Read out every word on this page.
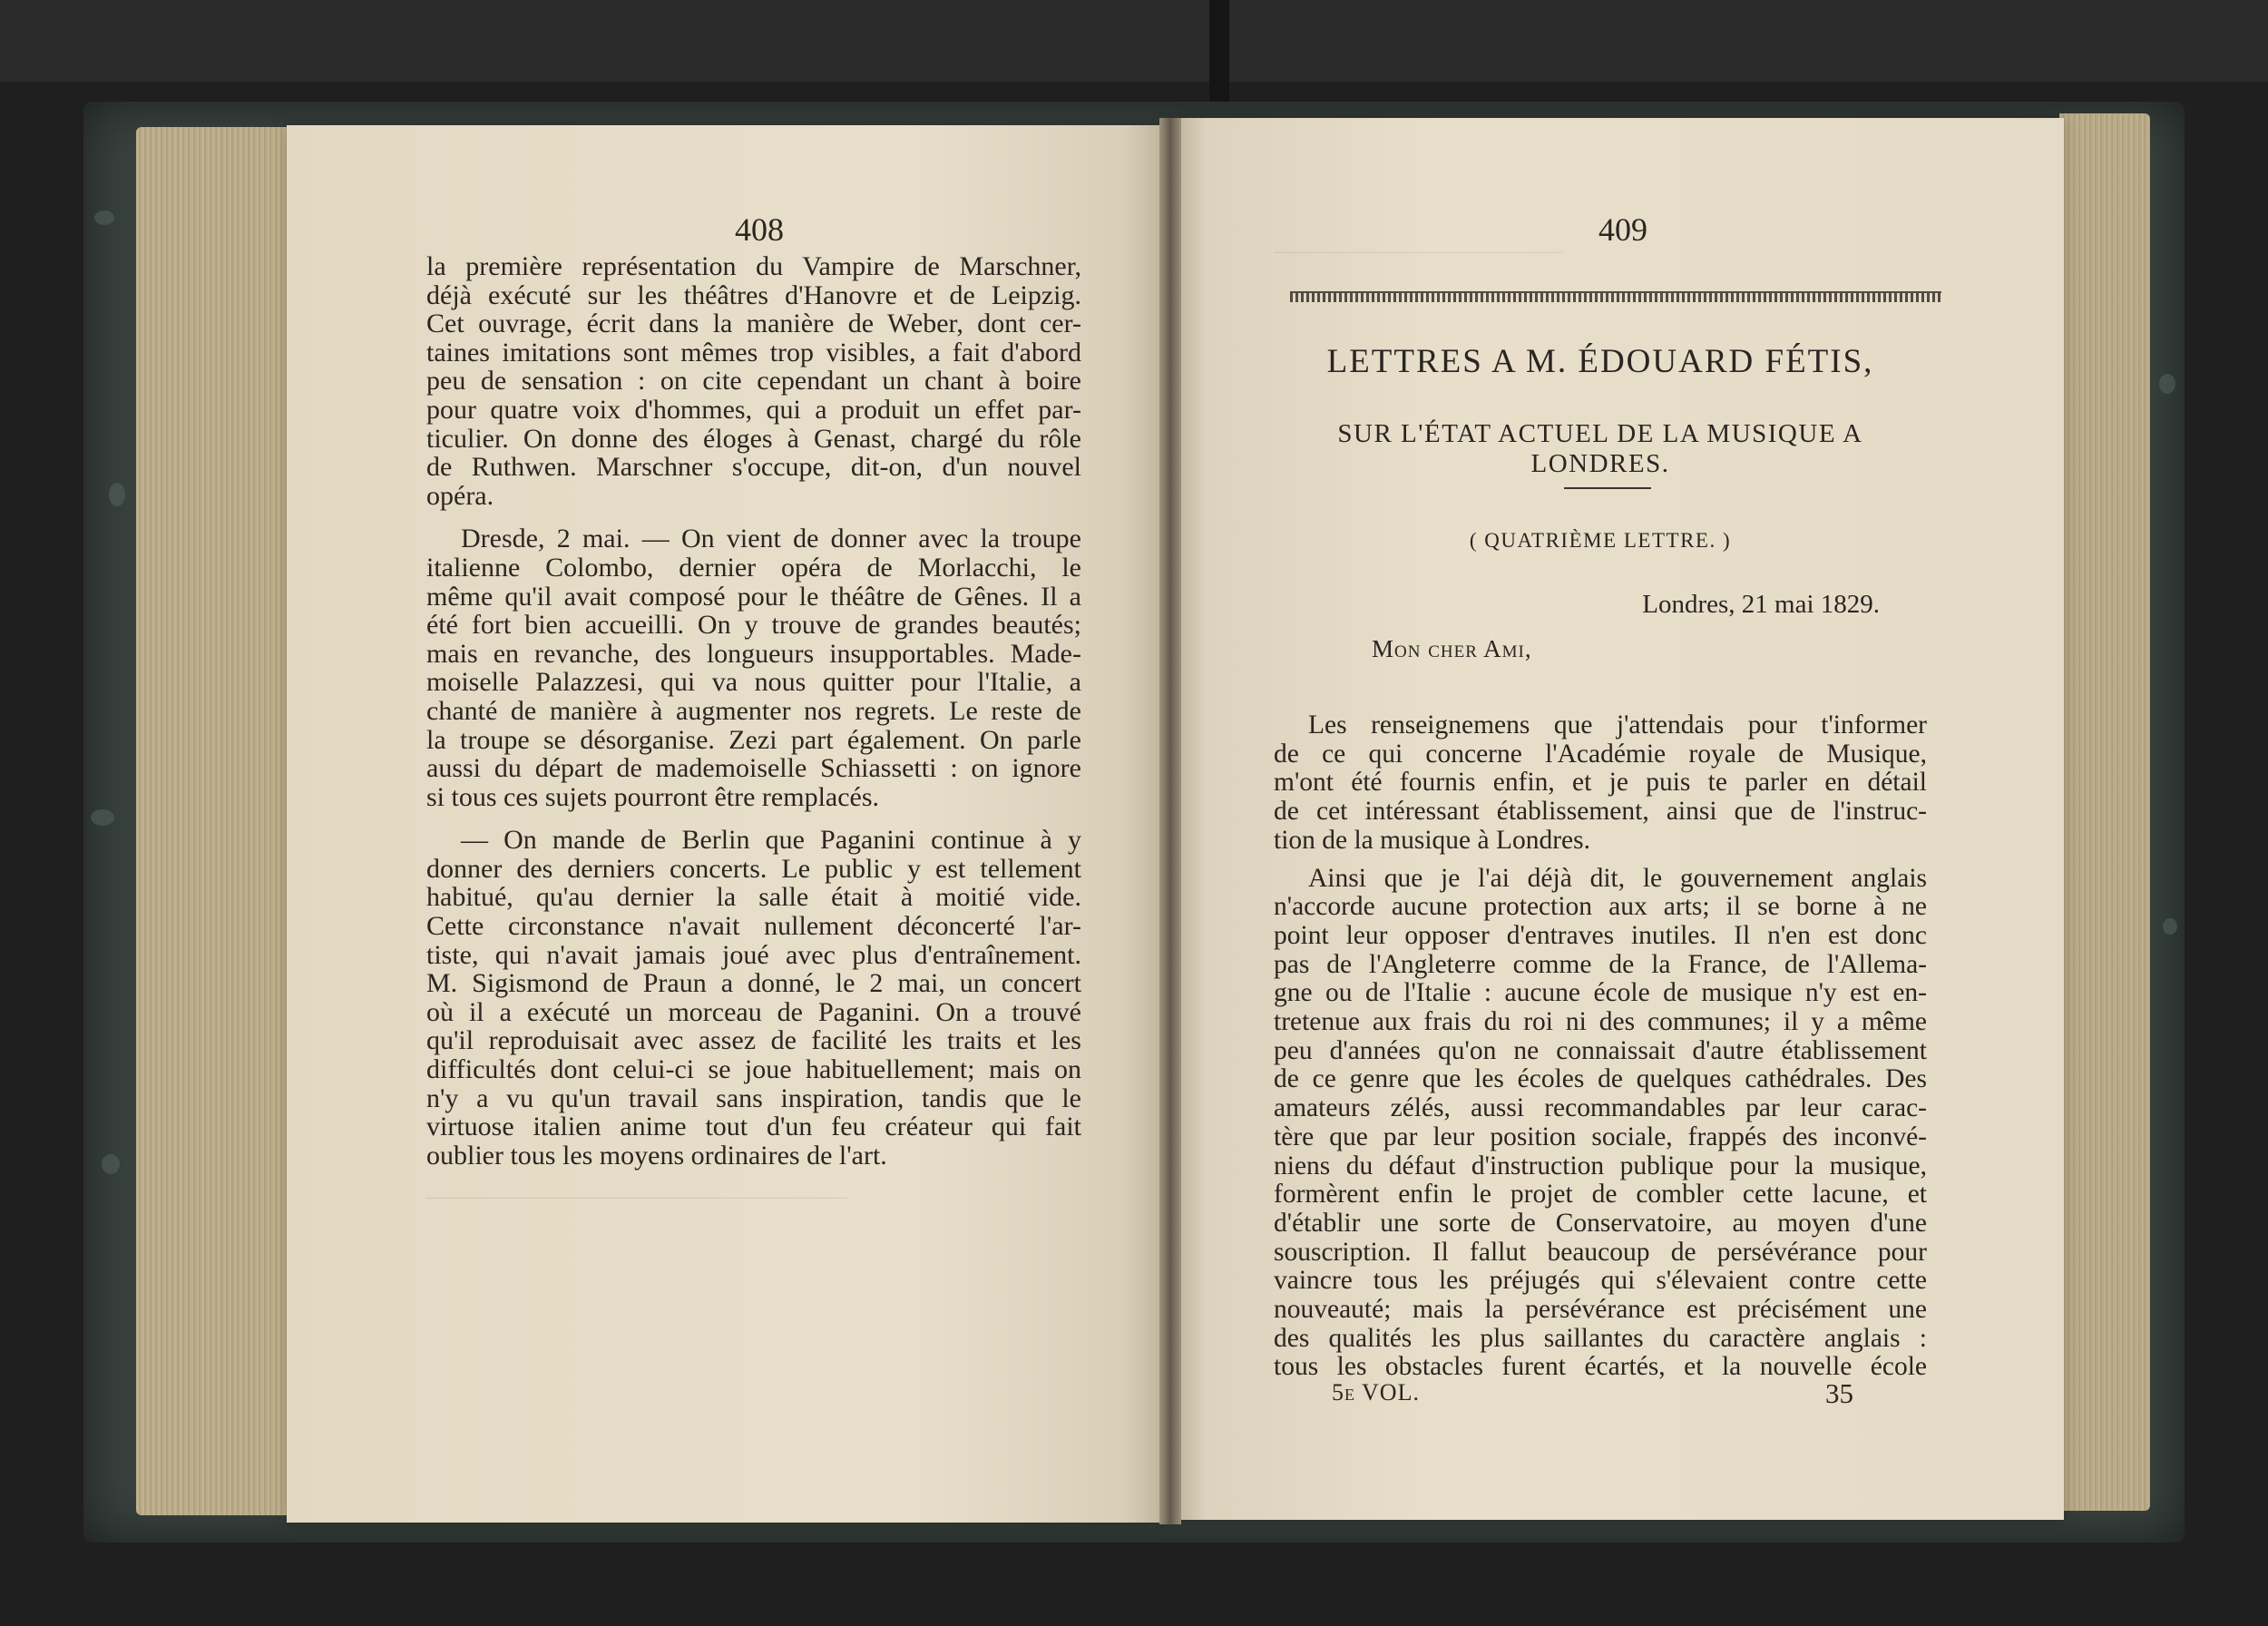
————————————————
———————————
408
la première représentation du Vampire de Marschner,
déjà exécuté sur les théâtres d'Hanovre et de Leipzig.
Cet ouvrage, écrit dans la manière de Weber, dont cer-
taines imitations sont mêmes trop visibles, a fait d'abord
peu de sensation : on cite cependant un chant à boire
pour quatre voix d'hommes, qui a produit un effet par-
ticulier. On donne des éloges à Genast, chargé du rôle
de Ruthwen. Marschner s'occupe, dit-on, d'un nouvel
opéra.
Dresde, 2 mai. — On vient de donner avec la troupe
italienne Colombo, dernier opéra de Morlacchi, le
même qu'il avait composé pour le théâtre de Gênes. Il a
été fort bien accueilli. On y trouve de grandes beautés;
mais en revanche, des longueurs insupportables. Made-
moiselle Palazzesi, qui va nous quitter pour l'Italie, a
chanté de manière à augmenter nos regrets. Le reste de
la troupe se désorganise. Zezi part également. On parle
aussi du départ de mademoiselle Schiassetti : on ignore
si tous ces sujets pourront être remplacés.
— On mande de Berlin que Paganini continue à y
donner des derniers concerts. Le public y est tellement
habitué, qu'au dernier la salle était à moitié vide.
Cette circonstance n'avait nullement déconcerté l'ar-
tiste, qui n'avait jamais joué avec plus d'entraînement.
M. Sigismond de Praun a donné, le 2 mai, un concert
où il a exécuté un morceau de Paganini. On a trouvé
qu'il reproduisait avec assez de facilité les traits et les
difficultés dont celui-ci se joue habituellement; mais on
n'y a vu qu'un travail sans inspiration, tandis que le
virtuose italien anime tout d'un feu créateur qui fait
oublier tous les moyens ordinaires de l'art.
409
LETTRES A M. ÉDOUARD FÉTIS,
SUR L'ÉTAT ACTUEL DE LA MUSIQUE A LONDRES.
( QUATRIÈME LETTRE. )
Londres, 21 mai 1829.
Mon cher Ami,
Les renseignemens que j'attendais pour t'informer
de ce qui concerne l'Académie royale de Musique,
m'ont été fournis enfin, et je puis te parler en détail
de cet intéressant établissement, ainsi que de l'instruc-
tion de la musique à Londres.
Ainsi que je l'ai déjà dit, le gouvernement anglais
n'accorde aucune protection aux arts; il se borne à ne
point leur opposer d'entraves inutiles. Il n'en est donc
pas de l'Angleterre comme de la France, de l'Allema-
gne ou de l'Italie : aucune école de musique n'y est en-
tretenue aux frais du roi ni des communes; il y a même
peu d'années qu'on ne connaissait d'autre établissement
de ce genre que les écoles de quelques cathédrales. Des
amateurs zélés, aussi recommandables par leur carac-
tère que par leur position sociale, frappés des inconvé-
niens du défaut d'instruction publique pour la musique,
formèrent enfin le projet de combler cette lacune, et
d'établir une sorte de Conservatoire, au moyen d'une
souscription. Il fallut beaucoup de persévérance pour
vaincre tous les préjugés qui s'élevaient contre cette
nouveauté; mais la persévérance est précisément une
des qualités les plus saillantes du caractère anglais :
tous les obstacles furent écartés, et la nouvelle école
5e VOL.	35
